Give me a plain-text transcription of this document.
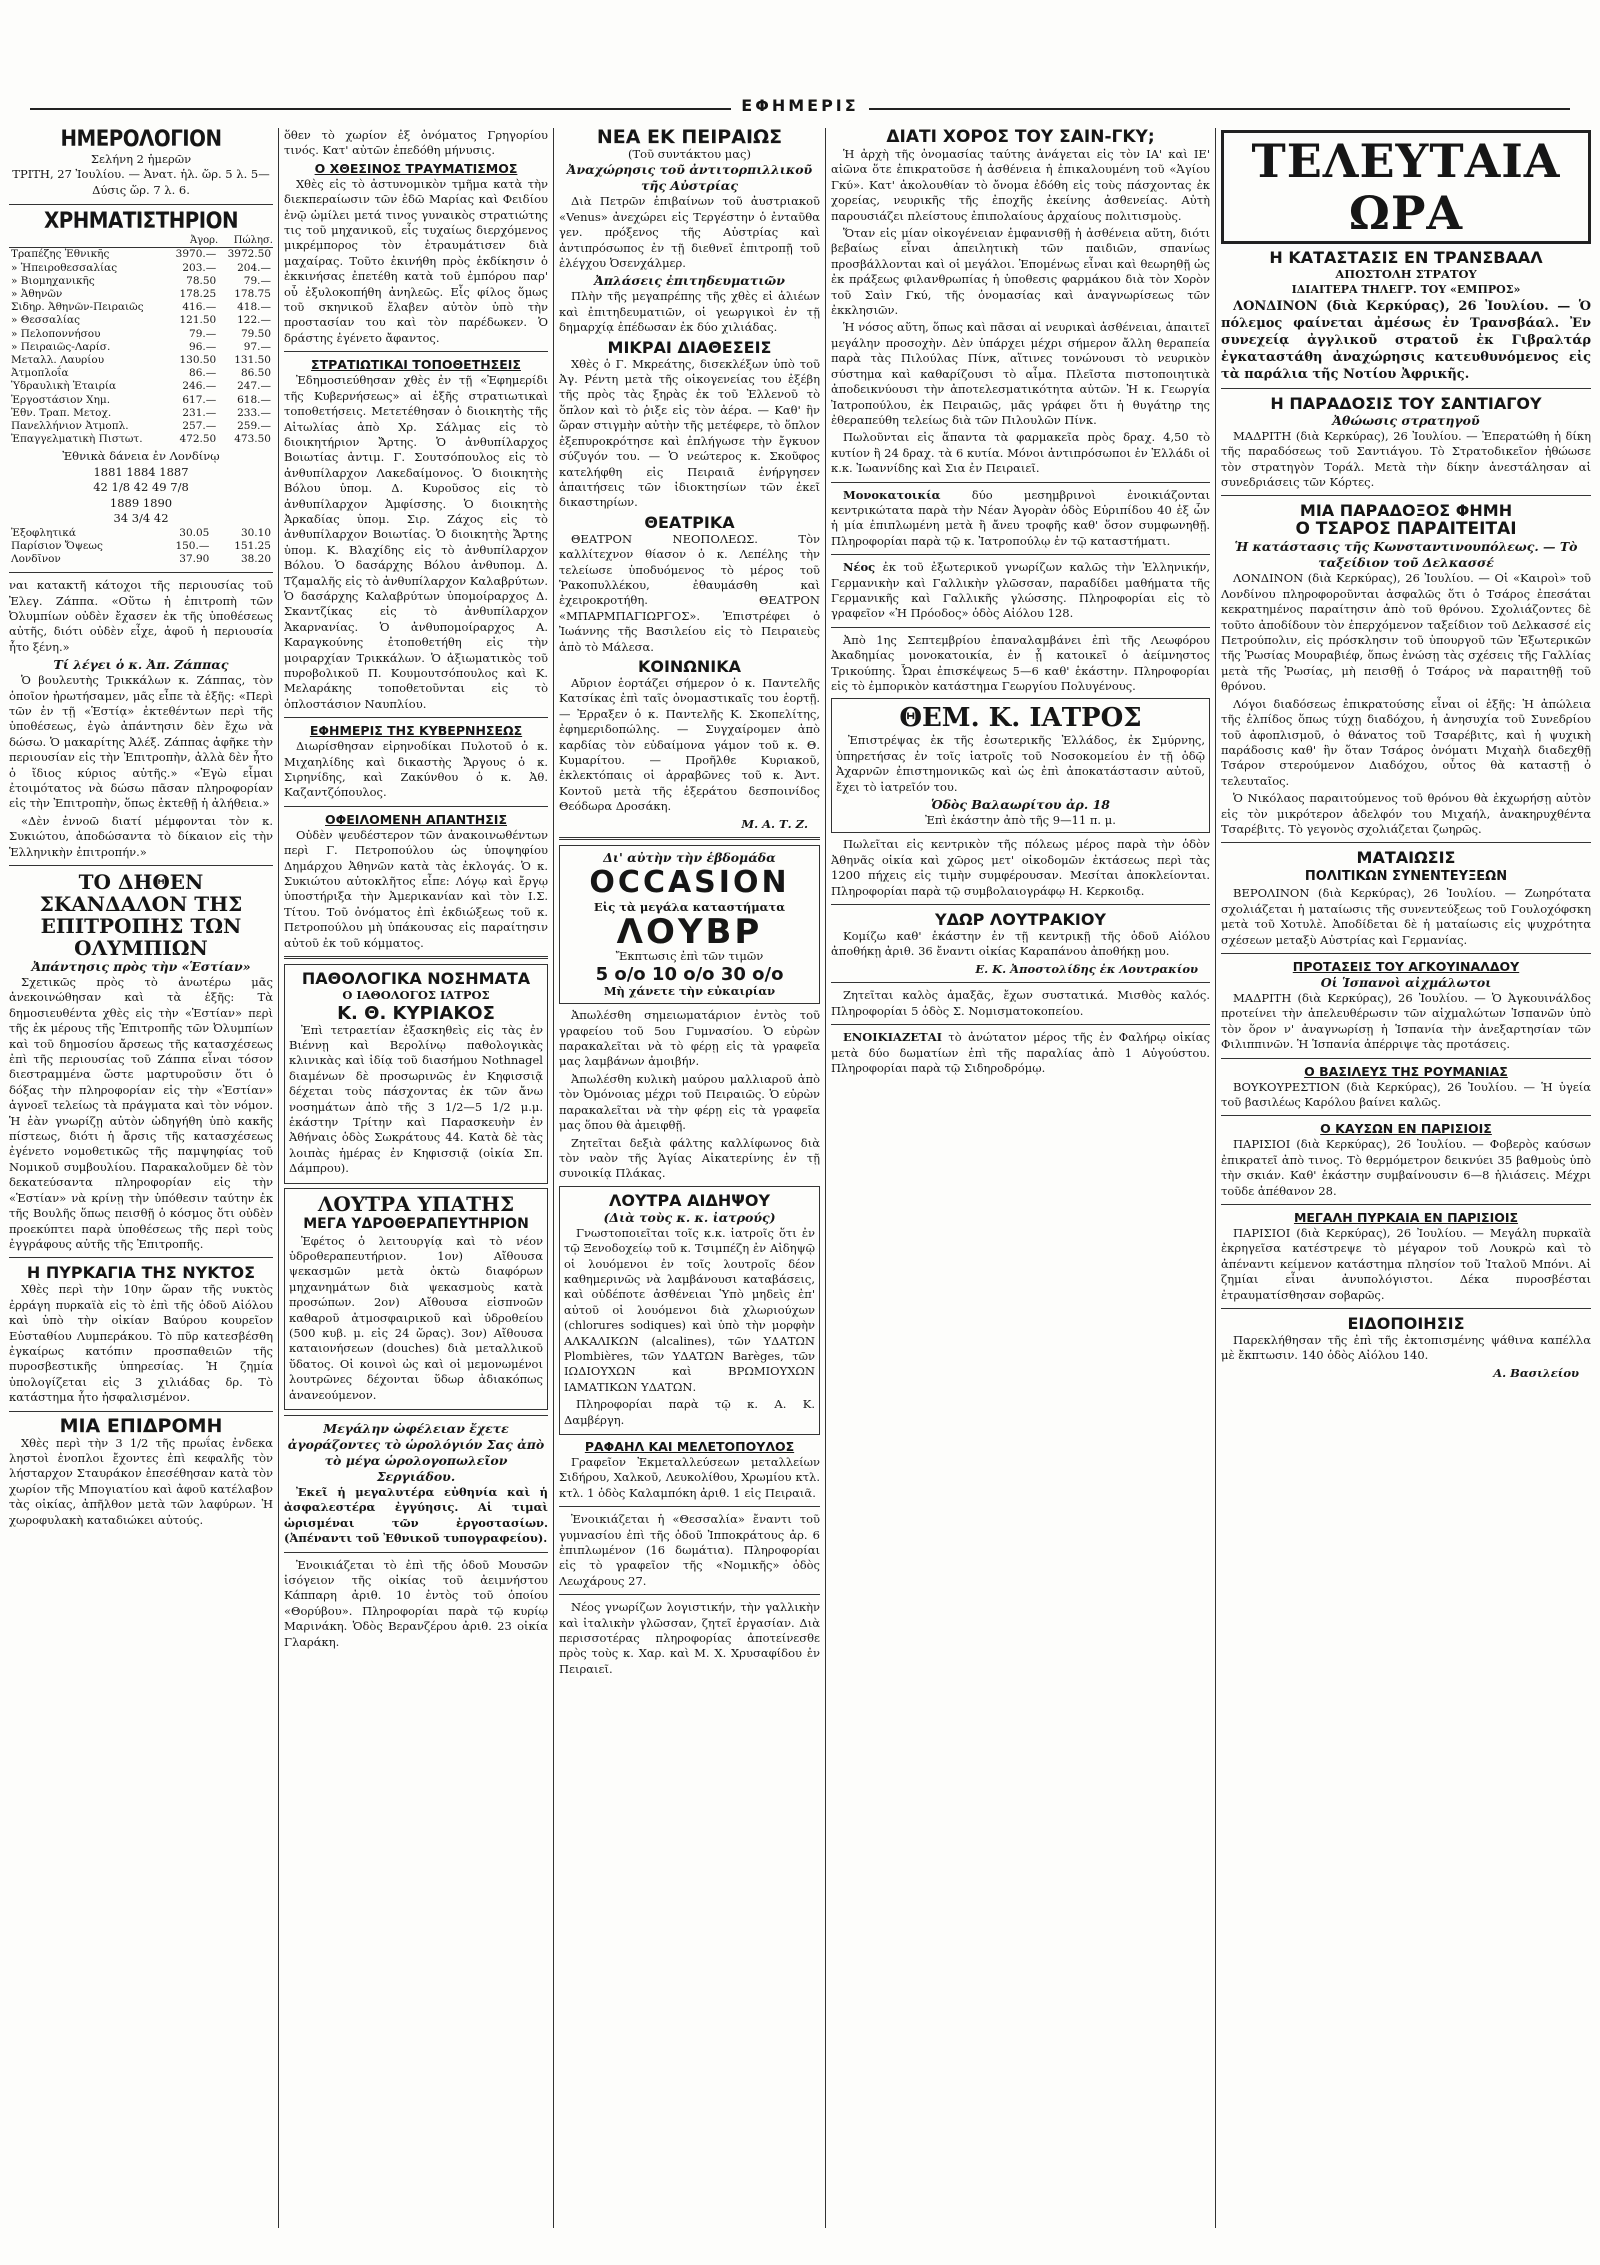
ΕΦΗΜΕΡΙΣ
ΗΜΕΡΟΛΟΓΙΟΝ
Σελήνη 2 ἡμερῶν
ΤΡΙΤΗ, 27 Ἰουλίου. — Ἀνατ. ἡλ. ὥρ. 5 λ. 5—Δύσις ὥρ. 7 λ. 6.
ΧΡΗΜΑΤΙΣΤΗΡΙΟΝ
	Ἀγορ.	Πώλησ.
Τραπέζης Ἐθνικῆς	3970.—	3972.50
» Ἠπειροθεσσαλίας	203.—	204.—
» Βιομηχανικῆς	78.50	79.—
» Ἀθηνῶν	178.25	178.75
Σιδηρ. Ἀθηνῶν-Πειραιῶς	416.—	418.—
» Θεσσαλίας	121.50	122.—
» Πελοποννήσου	79.—	79.50
» Πειραιῶς-Λαρίσ.	96.—	97.—
Μεταλλ. Λαυρίου	130.50	131.50
Ἀτμοπλοΐα	86.—	86.50
Ὑδραυλικὴ Ἑταιρία	246.—	247.—
Ἐργοστάσιον Χημ.	617.—	618.—
Ἐθν. Τραπ. Μετοχ.	231.—	233.—
Πανελλήνιον Ἀτμοπλ.	257.—	259.—
Ἐπαγγελματικὴ Πιστωτ.	472.50	473.50
Ἐθνικὰ δάνεια ἐν Λονδίνῳ
1881 1884 1887
42 1/8 42 49 7/8
1889 1890
34 3/4 42
Ἐξοφλητικά	30.05	30.10
Παρίσιον Ὄψεως	150.—	151.25
Λονδῖνον	37.90	38.20

ναι κατακτῆ κάτοχοι τῆς περιουσίας τοῦ Ἐλεγ. Ζάππα. «Οὕτω ἡ ἐπιτροπὴ τῶν Ὀλυμπίων οὐδὲν ἔχασεν ἐκ τῆς ὑποθέσεως αὐτῆς, διότι οὐδὲν εἶχε, ἀφοῦ ἡ περιουσία ἦτο ξένη.»

Τί λέγει ὁ κ. Ἀπ. Ζάππας

Ὁ βουλευτὴς Τρικκάλων κ. Ζάππας, τὸν ὁποῖον ἠρωτήσαμεν, μᾶς εἶπε τὰ ἑξῆς: «Περὶ τῶν ἐν τῇ «Ἑστίᾳ» ἐκτεθέντων περὶ τῆς ὑποθέσεως, ἐγὼ ἀπάντησιν δὲν ἔχω νὰ δώσω. Ὁ μακαρίτης Ἀλέξ. Ζάππας ἀφῆκε τὴν περιουσίαν εἰς τὴν Ἐπιτροπὴν, ἀλλὰ δὲν ἦτο ὁ ἴδιος κύριος αὐτῆς.» «Ἐγὼ εἶμαι ἐτοιμότατος νὰ δώσω πᾶσαν πληροφορίαν εἰς τὴν Ἐπιτροπὴν, ὅπως ἐκτεθῇ ἡ ἀλήθεια.»

«Δὲν ἐννοῶ διατί μέμφονται τὸν κ. Συκιώτου, ἀποδώσαντα τὸ δίκαιον εἰς τὴν Ἑλληνικὴν ἐπιτροπήν.»

ΤΟ ΔΗΘΕΝ ΣΚΑΝΔΑΛΟΝ ΤΗΣ ΕΠΙΤΡΟΠΗΣ ΤΩΝ ΟΛΥΜΠΙΩΝ
Ἀπάντησις πρὸς τὴν «Ἑστίαν»

Σχετικῶς πρὸς τὸ ἀνωτέρω μᾶς ἀνεκοινώθησαν καὶ τὰ ἑξῆς: Τὰ δημοσιευθέντα χθὲς εἰς τὴν «Ἑστίαν» περὶ τῆς ἐκ μέρους τῆς Ἐπιτροπῆς τῶν Ὀλυμπίων καὶ τοῦ δημοσίου ἄρσεως τῆς κατασχέσεως ἐπὶ τῆς περιουσίας τοῦ Ζάππα εἶναι τόσον διεστραμμένα ὥστε μαρτυροῦσιν ὅτι ὁ δόξας τὴν πληροφορίαν εἰς τὴν «Ἑστίαν» ἀγνοεῖ τελείως τὰ πράγματα καὶ τὸν νόμον. Ἡ ἐὰν γνωρίζῃ αὐτὸν ὡδηγήθη ὑπὸ κακῆς πίστεως, διότι ἡ ἄρσις τῆς κατασχέσεως ἐγένετο νομοθετικῶς τῆς παμψηφίας τοῦ Νομικοῦ συμβουλίου. Παρακαλοῦμεν δὲ τὸν δεκατεύσαντα πληροφορίαν εἰς τὴν «Ἑστίαν» νὰ κρίνῃ τὴν ὑπόθεσιν ταύτην ἐκ τῆς Βουλῆς ὅπως πεισθῇ ὁ κόσμος ὅτι οὐδὲν προεκύπτει παρὰ ὑποθέσεως τῆς περὶ τοὺς ἐγγράφους αὐτῆς τῆς Ἐπιτροπῆς.

Η ΠΥΡΚΑΓΙΑ ΤΗΣ ΝΥΚΤΟΣ

Χθὲς περὶ τὴν 10ην ὥραν τῆς νυκτὸς ἐρράγη πυρκαϊὰ εἰς τὸ ἐπὶ τῆς ὁδοῦ Αἰόλου καὶ ὑπὸ τὴν οἰκίαν Βαύρου κουρεῖον Εὐσταθίου Λυμπεράκου. Τὸ πῦρ κατεσβέσθη ἐγκαίρως κατόπιν προσπαθειῶν τῆς πυροσβεστικῆς ὑπηρεσίας. Ἡ ζημία ὑπολογίζεται εἰς 3 χιλιάδας δρ. Τὸ κατάστημα ἦτο ἠσφαλισμένον.

ΜΙΑ ΕΠΙΔΡΟΜΗ

Χθὲς περὶ τὴν 3 1/2 τῆς πρωΐας ἐνδεκα ληστοὶ ἐνοπλοι ἔχοντες ἐπὶ κεφαλῆς τὸν λήσταρχον Σταυράκον ἐπεσέθησαν κατὰ τὸν χωρίον τῆς Μπογιατίου καὶ ἀφοῦ κατέλαβον τὰς οἰκίας, ἀπῆλθον μετὰ τῶν λαφύρων. Ἡ χωροφυλακὴ καταδιώκει αὐτούς.

ὅθεν τὸ χωρίον ἐξ ὀνόματος Γρηγορίου τινός. Κατ' αὐτῶν ἐπεδόθη μήνυσις.

Ο ΧΘΕΣΙΝΟΣ ΤΡΑΥΜΑΤΙΣΜΟΣ

Χθὲς εἰς τὸ ἀστυνομικὸν τμῆμα κατὰ τὴν διεκπεραίωσιν τῶν ἐδῶ Μαρίας καὶ Φειδίου ἐνῷ ὡμίλει μετά τινος γυναικὸς στρατιώτης τις τοῦ μηχανικοῦ, εἷς τυχαίως διερχόμενος μικρέμπορος τὸν ἐτραυμάτισεν διὰ μαχαίρας. Τοῦτο ἐκινήθη πρὸς ἐκδίκησιν ὁ ἐκκινήσας ἐπετέθη κατὰ τοῦ ἐμπόρου παρ' οὗ ἐξυλοκοπήθη ἀνηλεῶς. Εἷς φίλος ὅμως τοῦ σκηνικοῦ ἔλαβεν αὐτὸν ὑπὸ τὴν προστασίαν του καὶ τὸν παρέδωκεν. Ὁ δράστης ἐγένετο ἄφαντος.

ΣΤΡΑΤΙΩΤΙΚΑΙ ΤΟΠΟΘΕΤΗΣΕΙΣ

Ἐδημοσιεύθησαν χθὲς ἐν τῇ «Ἐφημερίδι τῆς Κυβερνήσεως» αἱ ἑξῆς στρατιωτικαὶ τοποθετήσεις. Μετετέθησαν ὁ διοικητὴς τῆς Αἰτωλίας ἀπὸ Χρ. Σάλμας εἰς τὸ διοικητήριον Ἄρτης. Ὁ ἀνθυπίλαρχος Βοιωτίας ἀντιμ. Γ. Σουτσόπουλος εἰς τὸ ἀνθυπίλαρχον Λακεδαίμονος. Ὁ διοικητὴς Βόλου ὑπομ. Δ. Κυροῦσος εἰς τὸ ἀνθυπίλαρχον Ἀμφίσσης. Ὁ διοικητὴς Ἀρκαδίας ὑπομ. Σιρ. Ζάχος εἰς τὸ ἀνθυπίλαρχον Βοιωτίας. Ὁ διοικητὴς Ἄρτης ὑπομ. Κ. Βλαχίδης εἰς τὸ ἀνθυπίλαρχον Βόλου. Ὁ δασάρχης Βόλου ἀνθυπομ. Δ. Τζαμαλῆς εἰς τὸ ἀνθυπίλαρχον Καλαβρύτων. Ὁ δασάρχης Καλαβρύτων ὑπομοίραρχος Δ. Σκαντζίκας εἰς τὸ ἀνθυπίλαρχον Ἀκαρνανίας. Ὁ ἀνθυπομοίραρχος Α. Καραγκούνης ἐτοποθετήθη εἰς τὴν μοιραρχίαν Τρικκάλων. Ὁ ἀξιωματικὸς τοῦ πυροβολικοῦ Π. Κουμουτσόπουλος καὶ Κ. Μελαράκης τοποθετοῦνται εἰς τὸ ὁπλοστάσιον Ναυπλίου.

ΕΦΗΜΕΡΙΣ ΤΗΣ ΚΥΒΕΡΝΗΣΕΩΣ

Διωρίσθησαν εἰρηνοδίκαι Πυλοτοῦ ὁ κ. Μιχαηλίδης καὶ δικαστὴς Ἄργους ὁ κ. Σιρηνίδης, καὶ Ζακύνθου ὁ κ. Ἀθ. Καζαντζόπουλος.

ΟΦΕΙΛΟΜΕΝΗ ΑΠΑΝΤΗΣΙΣ

Οὐδὲν ψευδέστερον τῶν ἀνακοινωθέντων περὶ Γ. Πετροπούλου ὡς ὑποψηφίου Δημάρχου Ἀθηνῶν κατὰ τὰς ἐκλογάς. Ὁ κ. Συκιώτου αὐτοκλῆτος εἶπε: Λόγῳ καὶ ἔργῳ ὑποστήριξα τὴν Ἀμερικανίαν καὶ τὸν Ι.Σ. Τίτου. Τοῦ ὀνόματος ἐπὶ ἐκδιώξεως τοῦ κ. Πετροπούλου μὴ ὑπάκουσας εἰς παραίτησιν αὐτοῦ ἐκ τοῦ κόμματος.

ΠΑΘΟΛΟΓΙΚΑ ΝΟΣΗΜΑΤΑ
Ο ΙΑΘΟΛΟΓΟΣ ΙΑΤΡΟΣ
Κ. Θ. ΚΥΡΙΑΚΟΣ

Ἐπὶ τετραετίαν ἐξασκηθεὶς εἰς τὰς ἐν Βιέννῃ καὶ Βερολίνῳ παθολογικὰς κλινικὰς καὶ ἰδίᾳ τοῦ διασήμου Nothnagel διαμένων δὲ προσωρινῶς ἐν Κηφισσιᾷ δέχεται τοὺς πάσχοντας ἐκ τῶν ἄνω νοσημάτων ἀπὸ τῆς 3 1/2—5 1/2 μ.μ. ἑκάστην Τρίτην καὶ Παρασκευὴν ἐν Ἀθήναις ὁδὸς Σωκράτους 44. Κατὰ δὲ τὰς λοιπὰς ἡμέρας ἐν Κηφισσιᾷ (οἰκία Σπ. Δάμπρου).

ΛΟΥΤΡΑ ΥΠΑΤΗΣ
ΜΕΓΑ ΥΔΡΟΘΕΡΑΠΕΥΤΗΡΙΟΝ

Ἐφέτος ὁ λειτουργίᾳ καὶ τὸ νέον ὑδροθεραπευτήριον. 1ον) Αἴθουσα ψεκασμῶν μετὰ ὀκτὼ διαφόρων μηχανημάτων διὰ ψεκασμοὺς κατὰ προσώπων. 2ον) Αἴθουσα εἰσπνοῶν καθαροῦ ἀτμοσφαιρικοῦ καὶ ὑδροθείου (500 κυβ. μ. εἰς 24 ὥρας). 3ον) Αἴθουσα καταιονήσεων (douches) διὰ μεταλλικοῦ ὕδατος. Οἱ κοινοὶ ὡς καὶ οἱ μεμονωμένοι λουτρῶνες δέχονται ὕδωρ ἀδιακόπως ἀνανεούμενον.

Μεγάλην ὠφέλειαν ἔχετε ἀγοράζοντες τὸ ὡρολόγιόν Σας ἀπὸ τὸ μέγα ὡρολογοπωλεῖον Σεργιάδου.

Ἐκεῖ ἡ μεγαλυτέρα εὐθηνία καὶ ἡ ἀσφαλεστέρα ἐγγύησις. Αἱ τιμαὶ ὡρισμέναι τῶν ἐργοστασίων. (Ἀπέναντι τοῦ Ἐθνικοῦ τυπογραφείου).

Ἐνοικιάζεται τὸ ἐπὶ τῆς ὁδοῦ Μουσῶν ἰσόγειον τῆς οἰκίας τοῦ ἀειμνήστου Κάππαρη ἀριθ. 10 ἐντὸς τοῦ ὁποίου «Θορύβου». Πληροφορίαι παρὰ τῷ κυρίῳ Μαρινάκη. Ὁδὸς Βερανζέρου ἀριθ. 23 οἰκία Γλαράκη.

ΝΕΑ ΕΚ ΠΕΙΡΑΙΩΣ
(Τοῦ συντάκτου μας)
Ἀναχώρησις τοῦ ἀντιτορπιλλικοῦ τῆς Αὐστρίας

Διὰ Πετρῶν ἐπιβαίνων τοῦ ἀυστριακοῦ «Venus» ἀνεχώρει εἰς Τεργέστην ὁ ἐνταῦθα γεν. πρόξενος τῆς Αὐστρίας καὶ ἀντιπρόσωπος ἐν τῇ διεθνεῖ ἐπιτροπῇ τοῦ ἐλέγχου Ὀσενχάλμερ.

Ἀπλάσεις ἐπιτηδευματιῶν

Πλὴν τῆς μεγαπρέπης τῆς χθὲς εἰ ἀλιέων καὶ ἐπιτηδευματιῶν, οἱ γεωργικοὶ ἐν τῇ δημαρχίᾳ ἐπέδωσαν ἐκ δύο χιλιάδας.

ΜΙΚΡΑΙ ΔΙΑΘΕΣΕΙΣ

Χθὲς ὁ Γ. Μκρεάτης, δισεκλέξων ὑπὸ τοῦ Ἀγ. Ρέντη μετὰ τῆς οἰκογενείας του ἐξέβη τῆς πρὸς τὰς ξηρὰς ἐκ τοῦ Ἐλλενοῦ τὸ ὅπλον καὶ τὸ ῥιξε εἰς τὸν ἀέρα. — Καθ' ἣν ὥραν στιγμὴν αὐτὴν τῆς μετέφερε, τὸ ὅπλον ἐξεπυροκρότησε καὶ ἐπλήγωσε τὴν ἔγκυον σύζυγόν του. — Ὁ νεώτερος κ. Σκοῦφος κατελήφθη εἰς Πειραιᾶ ἐνήργησεν ἀπαιτήσεις τῶν ἰδιοκτησίων τῶν ἐκεῖ δικαστηρίων.

ΘΕΑΤΡΙΚΑ

ΘΕΑΤΡΟΝ ΝΕΟΠΟΛΕΩΣ. Τὸν καλλίτεχνον θίασον ὁ κ. Λεπέλης τὴν τελείωσε ὑποδυόμενος τὸ μέρος τοῦ Ῥακοπυλλέκου, ἐθαυμάσθη καὶ ἐχειροκροτήθη. ΘΕΑΤΡΟΝ «ΜΠΑΡΜΠΑΓΙΩΡΓΟΣ». Ἐπιστρέφει ὁ Ἰωάννης τῆς Βασιλείου εἰς τὸ Πειραιεὺς ἀπὸ τὸ Μάλεσα.

ΚΟΙΝΩΝΙΚΑ

Αὔριον ἑορτάζει σήμερον ὁ κ. Παντελῆς Κατσίκας ἐπὶ ταῖς ὀνομαστικαῖς του ἑορτῇ. — Ἐρραξεν ὁ κ. Παντελῆς Κ. Σκοπελίτης, ἐφημεριδοπώλης. — Συγχαίρομεν ἀπὸ καρδίας τὸν εὐδαίμονα γάμον τοῦ κ. Θ. Κυμαρίτου. — Προῆλθε Κυριακοῦ, ἐκλεκτόπαις οἱ ἀρραβῶνες τοῦ κ. Ἀντ. Κοντοῦ μετὰ τῆς ἐξεράτου δεσποινίδος Θεόδωρα Δροσάκη.

Μ. Α. Τ. Ζ.
Δι' αὐτὴν τὴν ἑβδομάδα
OCCASION
Εἰς τὰ μεγάλα καταστήματα
ΛΟΥΒΡ
Ἔκπτωσις ἐπὶ τῶν τιμῶν
5 ο/ο 10 ο/ο 30 ο/ο
Μὴ χάνετε τὴν εὐκαιρίαν

Ἀπωλέσθη σημειωματάριον ἐντὸς τοῦ γραφείου τοῦ 5ου Γυμνασίου. Ὁ εὑρὼν παρακαλεῖται νὰ τὸ φέρῃ εἰς τὰ γραφεῖα μας λαμβάνων ἀμοιβήν.

Ἀπωλέσθη κυλικὴ μαύρου μαλλιαροῦ ἀπὸ τὸν Ὀμόνοιας μέχρι τοῦ Πειραιῶς. Ὁ εὑρὼν παρακαλεῖται νὰ τὴν φέρῃ εἰς τὰ γραφεῖα μας ὅπου θὰ ἀμειφθῇ.

Ζητεῖται δεξιὰ φάλτης καλλίφωνος διὰ τὸν ναὸν τῆς Ἁγίας Αἰκατερίνης ἐν τῇ συνοικίᾳ Πλάκας.

ΛΟΥΤΡΑ ΑΙΔΗΨΟΥ
(Διὰ τοὺς κ. κ. ἰατρούς)

Γνωστοποιεῖται τοῖς κ.κ. ἰατροῖς ὅτι ἐν τῷ Ξενοδοχείῳ τοῦ κ. Τσιμπέζη ἐν Αἰδηψῷ οἱ λουόμενοι ἐν τοῖς λουτροῖς δέον καθημερινῶς νὰ λαμβάνουσι καταβάσεις, καὶ οὐδέποτε ἀσθένειαι Ὑπὸ μηδεὶς ἐπ' αὐτοῦ οἱ λουόμενοι διὰ χλωριούχων (chlorures sodiques) καὶ ὑπὸ τὴν μορφὴν ΑΛΚΑΛΙΚΩΝ (alcalines), τῶν ΥΔΑΤΩΝ Plombières, τῶν ΥΔΑΤΩΝ Barèges, τῶν ΙΩΔΙΟΥΧΩΝ καὶ ΒΡΩΜΙΟΥΧΩΝ ΙΑΜΑΤΙΚΩΝ ΥΔΑΤΩΝ.

Πληροφορίαι παρὰ τῷ κ. Α. Κ. Δαμβέργη.

ΡΑΦΑΗΛ ΚΑΙ ΜΕΛΕΤΟΠΟΥΛΟΣ

Γραφεῖον Ἐκμεταλλεύσεων μεταλλείων Σιδήρου, Χαλκοῦ, Λευκολίθου, Χρωμίου κτλ. κτλ. 1 ὁδὸς Καλαμπόκη ἀριθ. 1 εἰς Πειραιᾶ.

Ἐνοικιάζεται ἡ «Θεσσαλία» ἔναντι τοῦ γυμνασίου ἐπὶ τῆς ὁδοῦ Ἱπποκράτους ἀρ. 6 ἐπιπλωμένον (16 δωμάτια). Πληροφορίαι εἰς τὸ γραφεῖον τῆς «Νομικῆς» ὁδὸς Λεωχάρους 27.

Νέος γνωρίζων λογιστικήν, τὴν γαλλικὴν καὶ ἰταλικὴν γλῶσσαν, ζητεῖ ἐργασίαν. Διὰ περισσοτέρας πληροφορίας ἀποτείνεσθε πρὸς τοὺς κ. Χαρ. καὶ Μ. Χ. Χρυσαφίδου ἐν Πειραιεῖ.

ΔΙΑΤΙ ΧΟΡΟΣ ΤΟΥ ΣΑΙΝ-ΓΚΥ;

Ἡ ἀρχὴ τῆς ὀνομασίας ταύτης ἀνάγεται εἰς τὸν ΙΑ' καὶ ΙΕ' αἰῶνα ὅτε ἐπικρατοῦσε ἡ ἀσθένεια ἡ ἐπικαλουμένη τοῦ «Ἁγίου Γκύ». Κατ' ἀκολουθίαν τὸ ὄνομα ἐδόθη εἰς τοὺς πάσχοντας ἐκ χορείας, νευρικῆς τῆς ἐποχῆς ἐκείνης ἀσθενείας. Αὐτὴ παρουσιάζει πλείστους ἐπιπολαίους ἀρχαίους πολιτισμοὺς.

Ὅταν εἰς μίαν οἰκογένειαν ἐμφανισθῇ ἡ ἀσθένεια αὕτη, διότι βεβαίως εἶναι ἀπειλητικὴ τῶν παιδιῶν, σπανίως προσβάλλονται καὶ οἱ μεγάλοι. Ἐπομένως εἶναι καὶ θεωρηθῇ ὡς ἐκ πράξεως φιλανθρωπίας ἡ ὑποθεσις φαρμάκου διὰ τὸν Χορὸν τοῦ Σαὶν Γκύ, τῆς ὀνομασίας καὶ ἀναγνωρίσεως τῶν ἐκκλησιῶν.

Ἡ νόσος αὕτη, ὅπως καὶ πᾶσαι αἱ νευρικαὶ ἀσθένειαι, ἀπαιτεῖ μεγάλην προσοχὴν. Δὲν ὑπάρχει μέχρι σήμερον ἄλλη θεραπεία παρὰ τὰς Πιλούλας Πίνκ, αἵτινες τονώνουσι τὸ νευρικὸν σύστημα καὶ καθαρίζουσι τὸ αἷμα. Πλεῖστα πιστοποιητικὰ ἀποδεικνύουσι τὴν ἀποτελεσματικότητα αὐτῶν. Ἡ κ. Γεωργία Ἰατροπούλου, ἐκ Πειραιῶς, μᾶς γράφει ὅτι ἡ θυγάτηρ της ἐθεραπεύθη τελείως διὰ τῶν Πιλουλῶν Πίνκ.

Πωλοῦνται εἰς ἅπαντα τὰ φαρμακεῖα πρὸς δραχ. 4,50 τὸ κυτίον ἢ 24 δραχ. τὰ 6 κυτία. Μόνοι ἀντιπρόσωποι ἐν Ἑλλάδι οἱ κ.κ. Ἰωαννίδης καὶ Σια ἐν Πειραιεῖ.

Μονοκατοικία	δύο μεσημβρινοὶ ἐνοικιάζονται κεντρικώτατα παρὰ τὴν Νέαν Ἀγορὰν ὁδὸς Εὐριπίδου 40 ἐξ ὧν ἡ μία ἐπιπλωμένη μετὰ ἢ ἄνευ τροφῆς καθ' ὅσον συμφωνηθῇ. Πληροφορίαι παρὰ τῷ κ. Ἰατροπούλῳ ἐν τῷ καταστήματι.

Νέος ἐκ τοῦ ἐξωτερικοῦ γνωρίζων καλῶς τὴν Ἑλληνικήν, Γερμανικὴν καὶ Γαλλικὴν γλῶσσαν, παραδίδει μαθήματα τῆς Γερμανικῆς καὶ Γαλλικῆς γλώσσης. Πληροφορίαι εἰς τὸ γραφεῖον «Ἡ Πρόοδος» ὁδὸς Αἰόλου 128.

Ἀπὸ 1ης Σεπτεμβρίου ἐπαναλαμβάνει ἐπὶ τῆς Λεωφόρου Ἀκαδημίας μονοκατοικία, ἐν ᾗ κατοικεῖ ὁ ἀείμνηστος Τρικούπης. Ὧραι ἐπισκέψεως 5—6 καθ' ἑκάστην. Πληροφορίαι εἰς τὸ ἐμπορικὸν κατάστημα Γεωργίου Πολυγένους.

ΘΕΜ. Κ. ΙΑΤΡΟΣ

Ἐπιστρέψας ἐκ τῆς ἐσωτερικῆς Ἑλλάδος, ἐκ Σμύρνης, ὑπηρετήσας ἐν τοῖς ἰατροῖς τοῦ Νοσοκομείου ἐν τῇ ὁδῷ Ἀχαρνῶν ἐπιστημονικῶς καὶ ὡς ἐπὶ ἀποκατάστασιν αὐτοῦ, ἔχει τὸ ἰατρεῖόν του.

Ὁδὸς Βαλαωρίτου ἀρ. 18
Ἐπὶ ἑκάστην ἀπὸ τῆς 9—11 π. μ.

Πωλεῖται εἰς κεντρικὸν τῆς πόλεως μέρος παρὰ τὴν ὁδὸν Ἀθηνᾶς οἰκία καὶ χῶρος μετ' οἰκοδομῶν ἐκτάσεως περὶ τὰς 1200 πήχεις εἰς τιμὴν συμφέρουσαν. Μεσίται ἀποκλείονται. Πληροφορίαι παρὰ τῷ συμβολαιογράφῳ Η. Κερκοιδᾳ.

ΥΔΩΡ ΛΟΥΤΡΑΚΙΟΥ

Κομίζω καθ' ἑκάστην ἐν τῇ κεντρικῇ τῆς ὁδοῦ Αἰόλου ἀποθήκῃ ἀριθ. 36 ἔναντι οἰκίας Καραπάνου ἀποθήκῃ μου.

Ε. Κ. Ἀποστολίδης ἐκ Λουτρακίου

Ζητεῖται καλὸς ἀμαξᾶς, ἔχων συστατικά. Μισθὸς καλός. Πληροφορίαι 5 ὁδὸς Σ. Νομισματοκοπείου.

ΕΝΟΙΚΙΑΖΕΤΑΙ τὸ ἀνώτατον μέρος τῆς ἐν Φαλήρῳ οἰκίας μετὰ δύο δωματίων ἐπὶ τῆς παραλίας ἀπὸ 1 Αὐγούστου. Πληροφορίαι παρὰ τῷ Σιδηροδρόμῳ.

ΤΕΛΕΥΤΑΙΑ ΩΡΑ
Η ΚΑΤΑΣΤΑΣΙΣ ΕΝ ΤΡΑΝΣΒΑΑΛ
ΑΠΟΣΤΟΛΗ ΣΤΡΑΤΟΥ
ΙΔΙΑΙΤΕΡΑ ΤΗΛΕΓΡ. ΤΟΥ «ΕΜΠΡΟΣ»

ΛΟΝΔΙΝΟΝ (διὰ Κερκύρας), 26 Ἰουλίου. — Ὁ πόλεμος φαίνεται ἀμέσως ἐν Τρανσβάαλ. Ἐν συνεχείᾳ ἀγγλικοῦ στρατοῦ ἐκ Γιβραλτάρ ἐγκαταστάθη ἀναχώρησις κατευθυνόμενος εἰς τὰ παράλια τῆς Νοτίου Ἀφρικῆς.

Η ΠΑΡΑΔΟΣΙΣ ΤΟΥ ΣΑΝΤΙΑΓΟΥ
Ἀθώωσις στρατηγοῦ

ΜΑΔΡΙΤΗ (διὰ Κερκύρας), 26 Ἰουλίου. — Ἐπερατώθη ἡ δίκη τῆς παραδόσεως τοῦ Σαντιάγου. Τὸ Στρατοδικεῖον ἠθώωσε τὸν στρατηγὸν Τοράλ. Μετὰ τὴν δίκην ἀνεστάλησαν αἱ συνεδριάσεις τῶν Κόρτες.

ΜΙΑ ΠΑΡΑΔΟΞΟΣ ΦΗΜΗ
Ο ΤΣΑΡΟΣ ΠΑΡΑΙΤΕΙΤΑΙ
Ἡ κατάστασις τῆς Κωνσταντινουπόλεως. — Τὸ ταξείδιον τοῦ Δελκασσέ

ΛΟΝΔΙΝΟΝ (διὰ Κερκύρας), 26 Ἰουλίου. — Οἱ «Καιροὶ» τοῦ Λονδίνου πληροφοροῦνται ἀσφαλῶς ὅτι ὁ Τσάρος ἐπεσάται κεκρατημένος παραίτησιν ἀπὸ τοῦ θρόνου. Σχολιάζοντες δὲ τοῦτο ἀποδίδουν τὸν ἐπερχόμενον ταξείδιον τοῦ Δελκασσέ εἰς Πετρούπολιν, εἰς πρόσκλησιν τοῦ ὑπουργοῦ τῶν Ἐξωτερικῶν τῆς Ῥωσίας Μουραβιέφ, ὅπως ἐνώσῃ τὰς σχέσεις τῆς Γαλλίας μετὰ τῆς Ῥωσίας, μὴ πεισθῇ ὁ Τσάρος νὰ παραιτηθῇ τοῦ θρόνου.

Λόγοι διαδόσεως ἐπικρατούσης εἶναι οἱ ἑξῆς: Ἡ ἀπώλεια τῆς ἐλπίδος ὅπως τύχῃ διαδόχου, ἡ ἀνησυχία τοῦ Συνεδρίου τοῦ ἀφοπλισμοῦ, ὁ θάνατος τοῦ Τσαρέβιτς, καὶ ἡ ψυχικὴ παράδοσις καθ' ἣν ὅταν Τσάρος ὀνόματι Μιχαὴλ διαδεχθῇ Τσάρον στερούμενον Διαδόχου, οὗτος θὰ καταστῇ ὁ τελευταῖος.

Ὁ Νικόλαος παραιτούμενος τοῦ θρόνου θὰ ἐκχωρήσῃ αὐτὸν εἰς τὸν μικρότερον ἀδελφόν του Μιχαήλ, ἀνακηρυχθέντα Τσαρέβιτς. Τὸ γεγονὸς σχολιάζεται ζωηρῶς.

ΜΑΤΑΙΩΣΙΣ
ΠΟΛΙΤΙΚΩΝ ΣΥΝΕΝΤΕΥΞΕΩΝ

ΒΕΡΟΛΙΝΟΝ (διὰ Κερκύρας), 26 Ἰουλίου. — Ζωηρότατα σχολιάζεται ἡ ματαίωσις τῆς συνεντεύξεως τοῦ Γουλοχόφσκη μετὰ τοῦ Χοτυλὲ. Ἀποδίδεται δὲ ἡ ματαίωσις εἰς ψυχρότητα σχέσεων μεταξὺ Αὐστρίας καὶ Γερμανίας.

ΠΡΟΤΑΣΕΙΣ ΤΟΥ ΑΓΚΟΥΙΝΑΛΔΟΥ
Οἱ Ἱσπανοὶ αἰχμάλωτοι

ΜΑΔΡΙΤΗ (διὰ Κερκύρας), 26 Ἰουλίου. — Ὁ Ἀγκουινάλδος προτείνει τὴν ἀπελευθέρωσιν τῶν αἰχμαλώτων Ἱσπανῶν ὑπὸ τὸν ὅρον ν' ἀναγνωρίσῃ ἡ Ἱσπανία τὴν ἀνεξαρτησίαν τῶν Φιλιππινῶν. Ἡ Ἱσπανία ἀπέρριψε τὰς προτάσεις.

Ο ΒΑΣΙΛΕΥΣ ΤΗΣ ΡΟΥΜΑΝΙΑΣ

ΒΟΥΚΟΥΡΕΣΤΙΟΝ (διὰ Κερκύρας), 26 Ἰουλίου. — Ἡ ὑγεία τοῦ βασιλέως Καρόλου βαίνει καλῶς.

Ο ΚΑΥΣΩΝ ΕΝ ΠΑΡΙΣΙΟΙΣ

ΠΑΡΙΣΙΟΙ (διὰ Κερκύρας), 26 Ἰουλίου. — Φοβερὸς καύσων ἐπικρατεῖ ἀπὸ τινος. Τὸ θερμόμετρον δεικνύει 35 βαθμοὺς ὑπὸ τὴν σκιάν. Καθ' ἑκάστην συμβαίνουσιν 6—8 ἡλιάσεις. Μέχρι τοῦδε ἀπέθανον 28.

ΜΕΓΑΛΗ ΠΥΡΚΑΙΑ ΕΝ ΠΑΡΙΣΙΟΙΣ

ΠΑΡΙΣΙΟΙ (διὰ Κερκύρας), 26 Ἰουλίου. — Μεγάλη πυρκαϊὰ ἐκρηγεῖσα κατέστρεψε τὸ μέγαρον τοῦ Λουκρὼ καὶ τὸ ἀπέναντι κείμενον κατάστημα πλησίον τοῦ Ἰταλοῦ Μπόνι. Αἱ ζημίαι εἶναι ἀνυπολόγιστοι. Δέκα πυροσβέσται ἐτραυματίσθησαν σοβαρῶς.

ΕΙΔΟΠΟΙΗΣΙΣ

Παρεκλήθησαν τῆς ἐπὶ τῆς ἐκτοπισμένης ψάθινα καπέλλα μὲ ἔκπτωσιν. 140 ὁδὸς Αἰόλου 140.

Α. Βασιλείου
